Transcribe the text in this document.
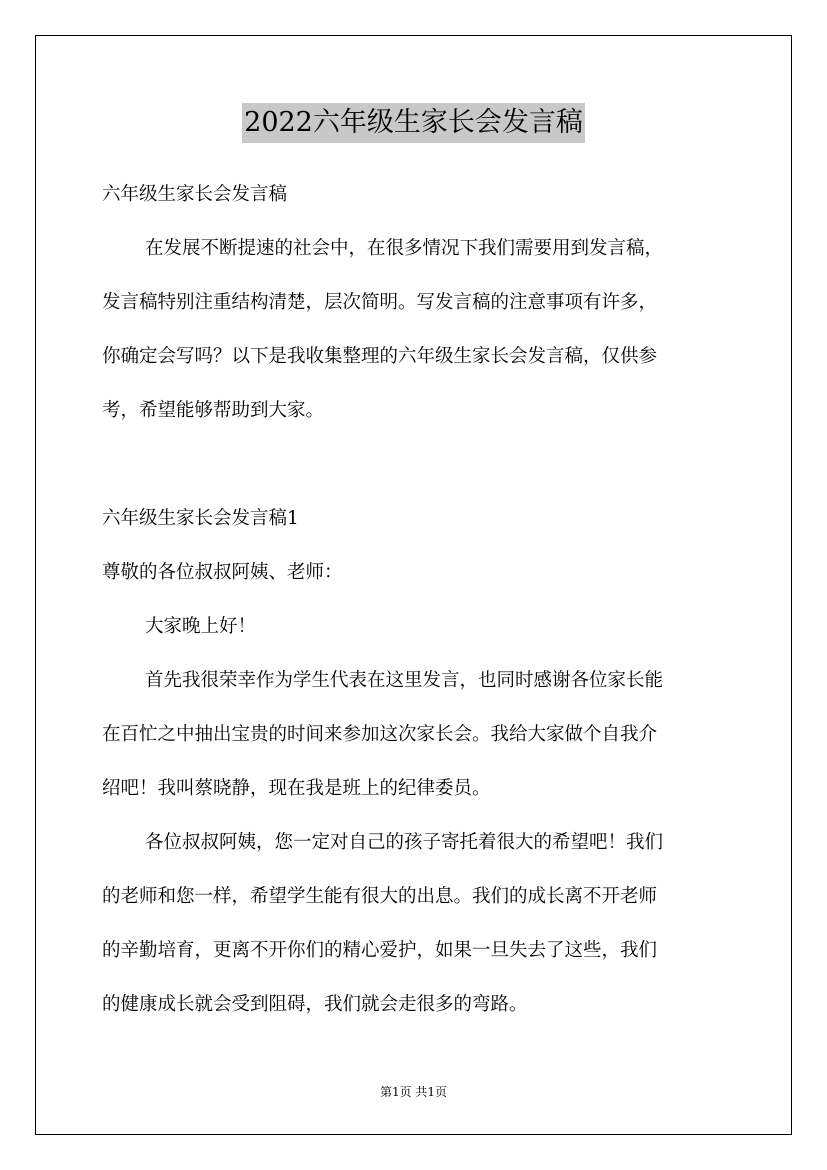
2022六年级生家长会发言稿
六年级生家长会发言稿
在发展不断提速的社会中，在很多情况下我们需要用到发言稿，
发言稿特别注重结构清楚，层次简明。写发言稿的注意事项有许多，
你确定会写吗？以下是我收集整理的六年级生家长会发言稿，仅供参
考，希望能够帮助到大家。
六年级生家长会发言稿1
尊敬的各位叔叔阿姨、老师：
大家晚上好！
首先我很荣幸作为学生代表在这里发言，也同时感谢各位家长能
在百忙之中抽出宝贵的时间来参加这次家长会。我给大家做个自我介
绍吧！我叫蔡晓静，现在我是班上的纪律委员。
各位叔叔阿姨，您一定对自己的孩子寄托着很大的希望吧！我们
的老师和您一样，希望学生能有很大的出息。我们的成长离不开老师
的辛勤培育，更离不开你们的精心爱护，如果一旦失去了这些，我们
的健康成长就会受到阻碍，我们就会走很多的弯路。
第1页 共1页
